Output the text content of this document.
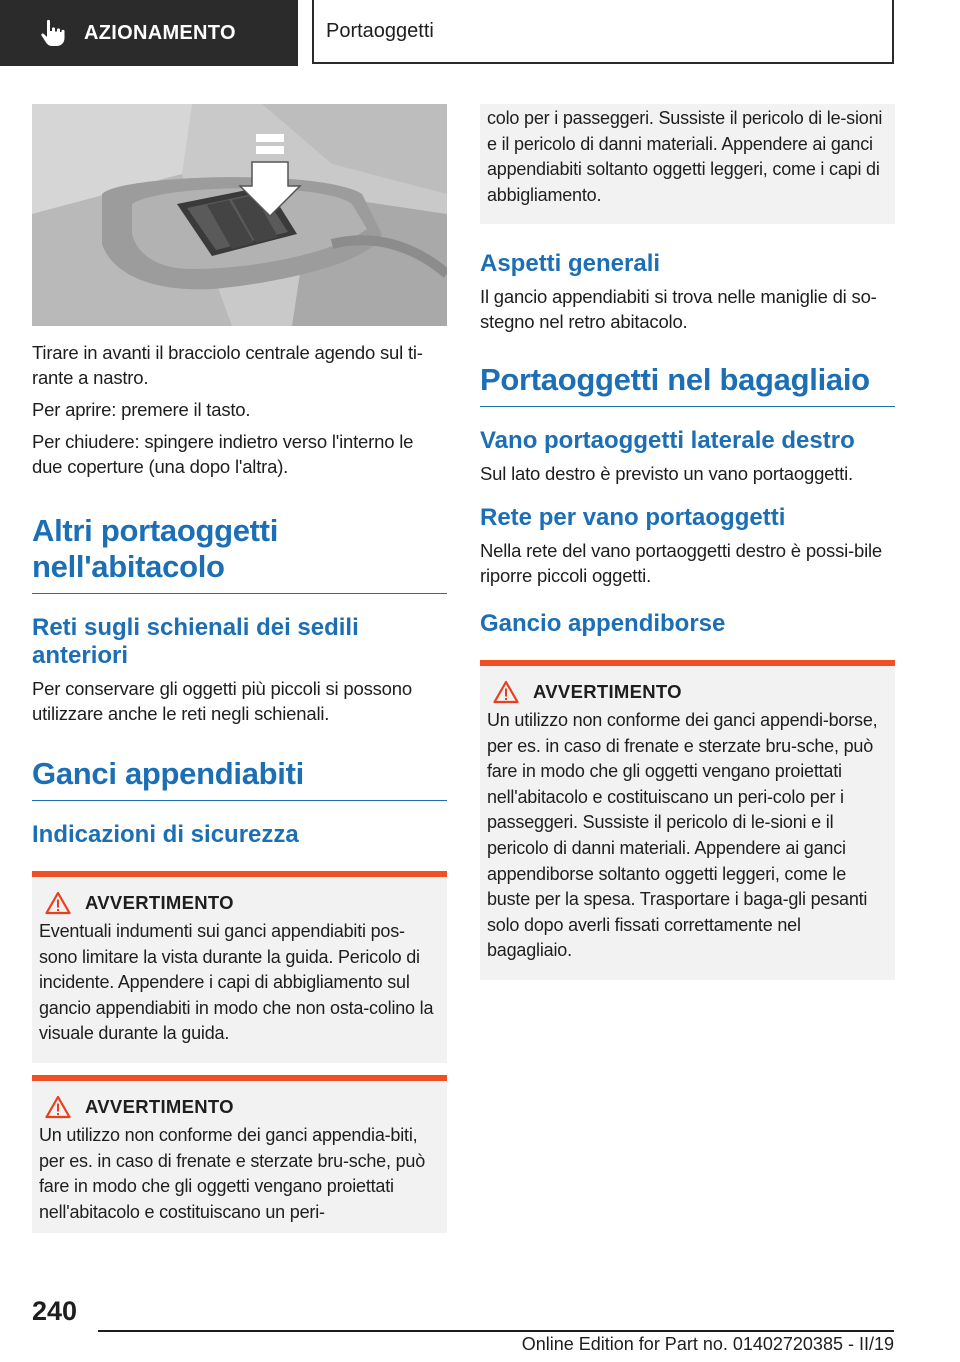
AZIONAMENTO	Portaoggetti

Tirare in avanti il bracciolo centrale agendo sul ti-rante a nastro.

Per aprire: premere il tasto.

Per chiudere: spingere indietro verso l'interno le due coperture (una dopo l'altra).

Altri portaoggetti nell'abitacolo
Reti sugli schienali dei sedili anteriori

Per conservare gli oggetti più piccoli si possono utilizzare anche le reti negli schienali.

Ganci appendiabiti
Indicazioni di sicurezza
AVVERTIMENTO

Eventuali indumenti sui ganci appendiabiti pos-sono limitare la vista durante la guida. Pericolo di incidente. Appendere i capi di abbigliamento sul gancio appendiabiti in modo che non osta-colino la visuale durante la guida.

AVVERTIMENTO

Un utilizzo non conforme dei ganci appendia-biti, per es. in caso di frenate e sterzate bru-sche, può fare in modo che gli oggetti vengano proiettati nell'abitacolo e costituiscano un peri-

colo per i passeggeri. Sussiste il pericolo di le-sioni e il pericolo di danni materiali. Appendere ai ganci appendiabiti soltanto oggetti leggeri, come i capi di abbigliamento.

Aspetti generali

Il gancio appendiabiti si trova nelle maniglie di so-stegno nel retro abitacolo.

Portaoggetti nel bagagliaio
Vano portaoggetti laterale destro

Sul lato destro è previsto un vano portaoggetti.

Rete per vano portaoggetti

Nella rete del vano portaoggetti destro è possi-bile riporre piccoli oggetti.

Gancio appendiborse
AVVERTIMENTO

Un utilizzo non conforme dei ganci appendi-borse, per es. in caso di frenate e sterzate bru-sche, può fare in modo che gli oggetti vengano proiettati nell'abitacolo e costituiscano un peri-colo per i passeggeri. Sussiste il pericolo di le-sioni e il pericolo di danni materiali. Appendere ai ganci appendiborse soltanto oggetti leggeri, come le buste per la spesa. Trasportare i baga-gli pesanti solo dopo averli fissati correttamente nel bagagliaio.

240
Online Edition for Part no. 01402720385 - II/19
